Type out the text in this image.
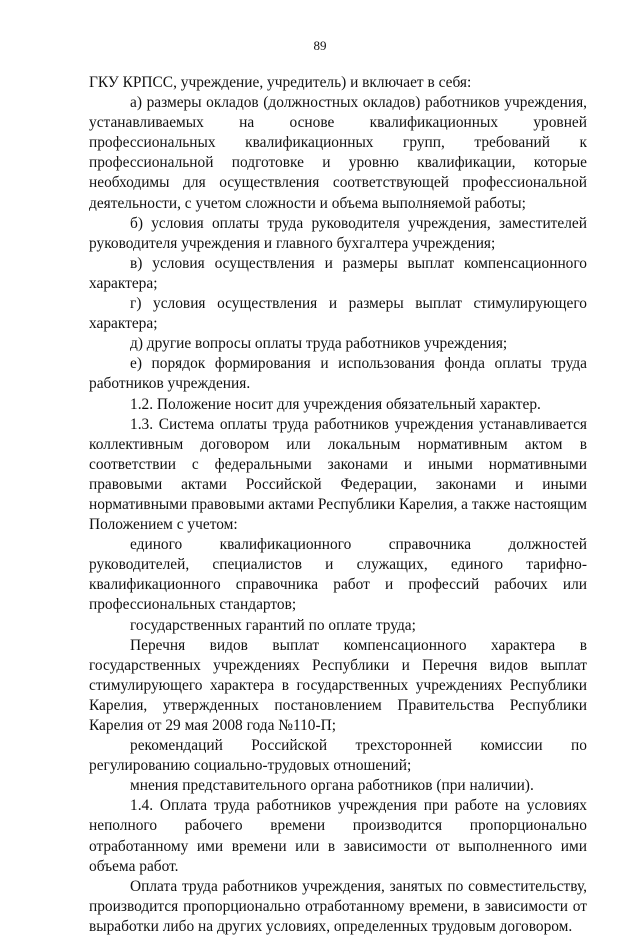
89

ГКУ КРПСС, учреждение, учредитель) и включает в себя:

а) размеры окладов (должностных окладов) работников учреждения, устанавливаемых на основе квалификационных уровней профессиональных квалификационных групп, требований к профессиональной подготовке и уровню квалификации, которые необходимы для осуществления соответствующей профессиональной деятельности, с учетом сложности и объема выполняемой работы;

б) условия оплаты труда руководителя учреждения, заместителей руководителя учреждения и главного бухгалтера учреждения;

в) условия осуществления и размеры выплат компенсационного характера;

г) условия осуществления и размеры выплат стимулирующего характера;

д) другие вопросы оплаты труда работников учреждения;

е) порядок формирования и использования фонда оплаты труда работников учреждения.

1.2. Положение носит для учреждения обязательный характер.

1.3. Система оплаты труда работников учреждения устанавливается коллективным договором или локальным нормативным актом в соответствии с федеральными законами и иными нормативными правовыми актами Российской Федерации, законами и иными нормативными правовыми актами Республики Карелия, а также настоящим Положением с учетом:

единого квалификационного справочника должностей руководителей, специалистов и служащих, единого тарифно-квалификационного справочника работ и профессий рабочих или профессиональных стандартов;

государственных гарантий по оплате труда;

Перечня видов выплат компенсационного характера в государственных учреждениях Республики и Перечня видов выплат стимулирующего характера в государственных учреждениях Республики Карелия, утвержденных постановлением Правительства Республики Карелия от 29 мая 2008 года №110-П;

рекомендаций Российской трехсторонней комиссии по регулированию социально-трудовых отношений;

мнения представительного органа работников (при наличии).

1.4. Оплата труда работников учреждения при работе на условиях неполного рабочего времени производится пропорционально отработанному ими времени или в зависимости от выполненного ими объема работ.

Оплата труда работников учреждения, занятых по совместительству, производится пропорционально отработанному времени, в зависимости от выработки либо на других условиях, определенных трудовым договором.
